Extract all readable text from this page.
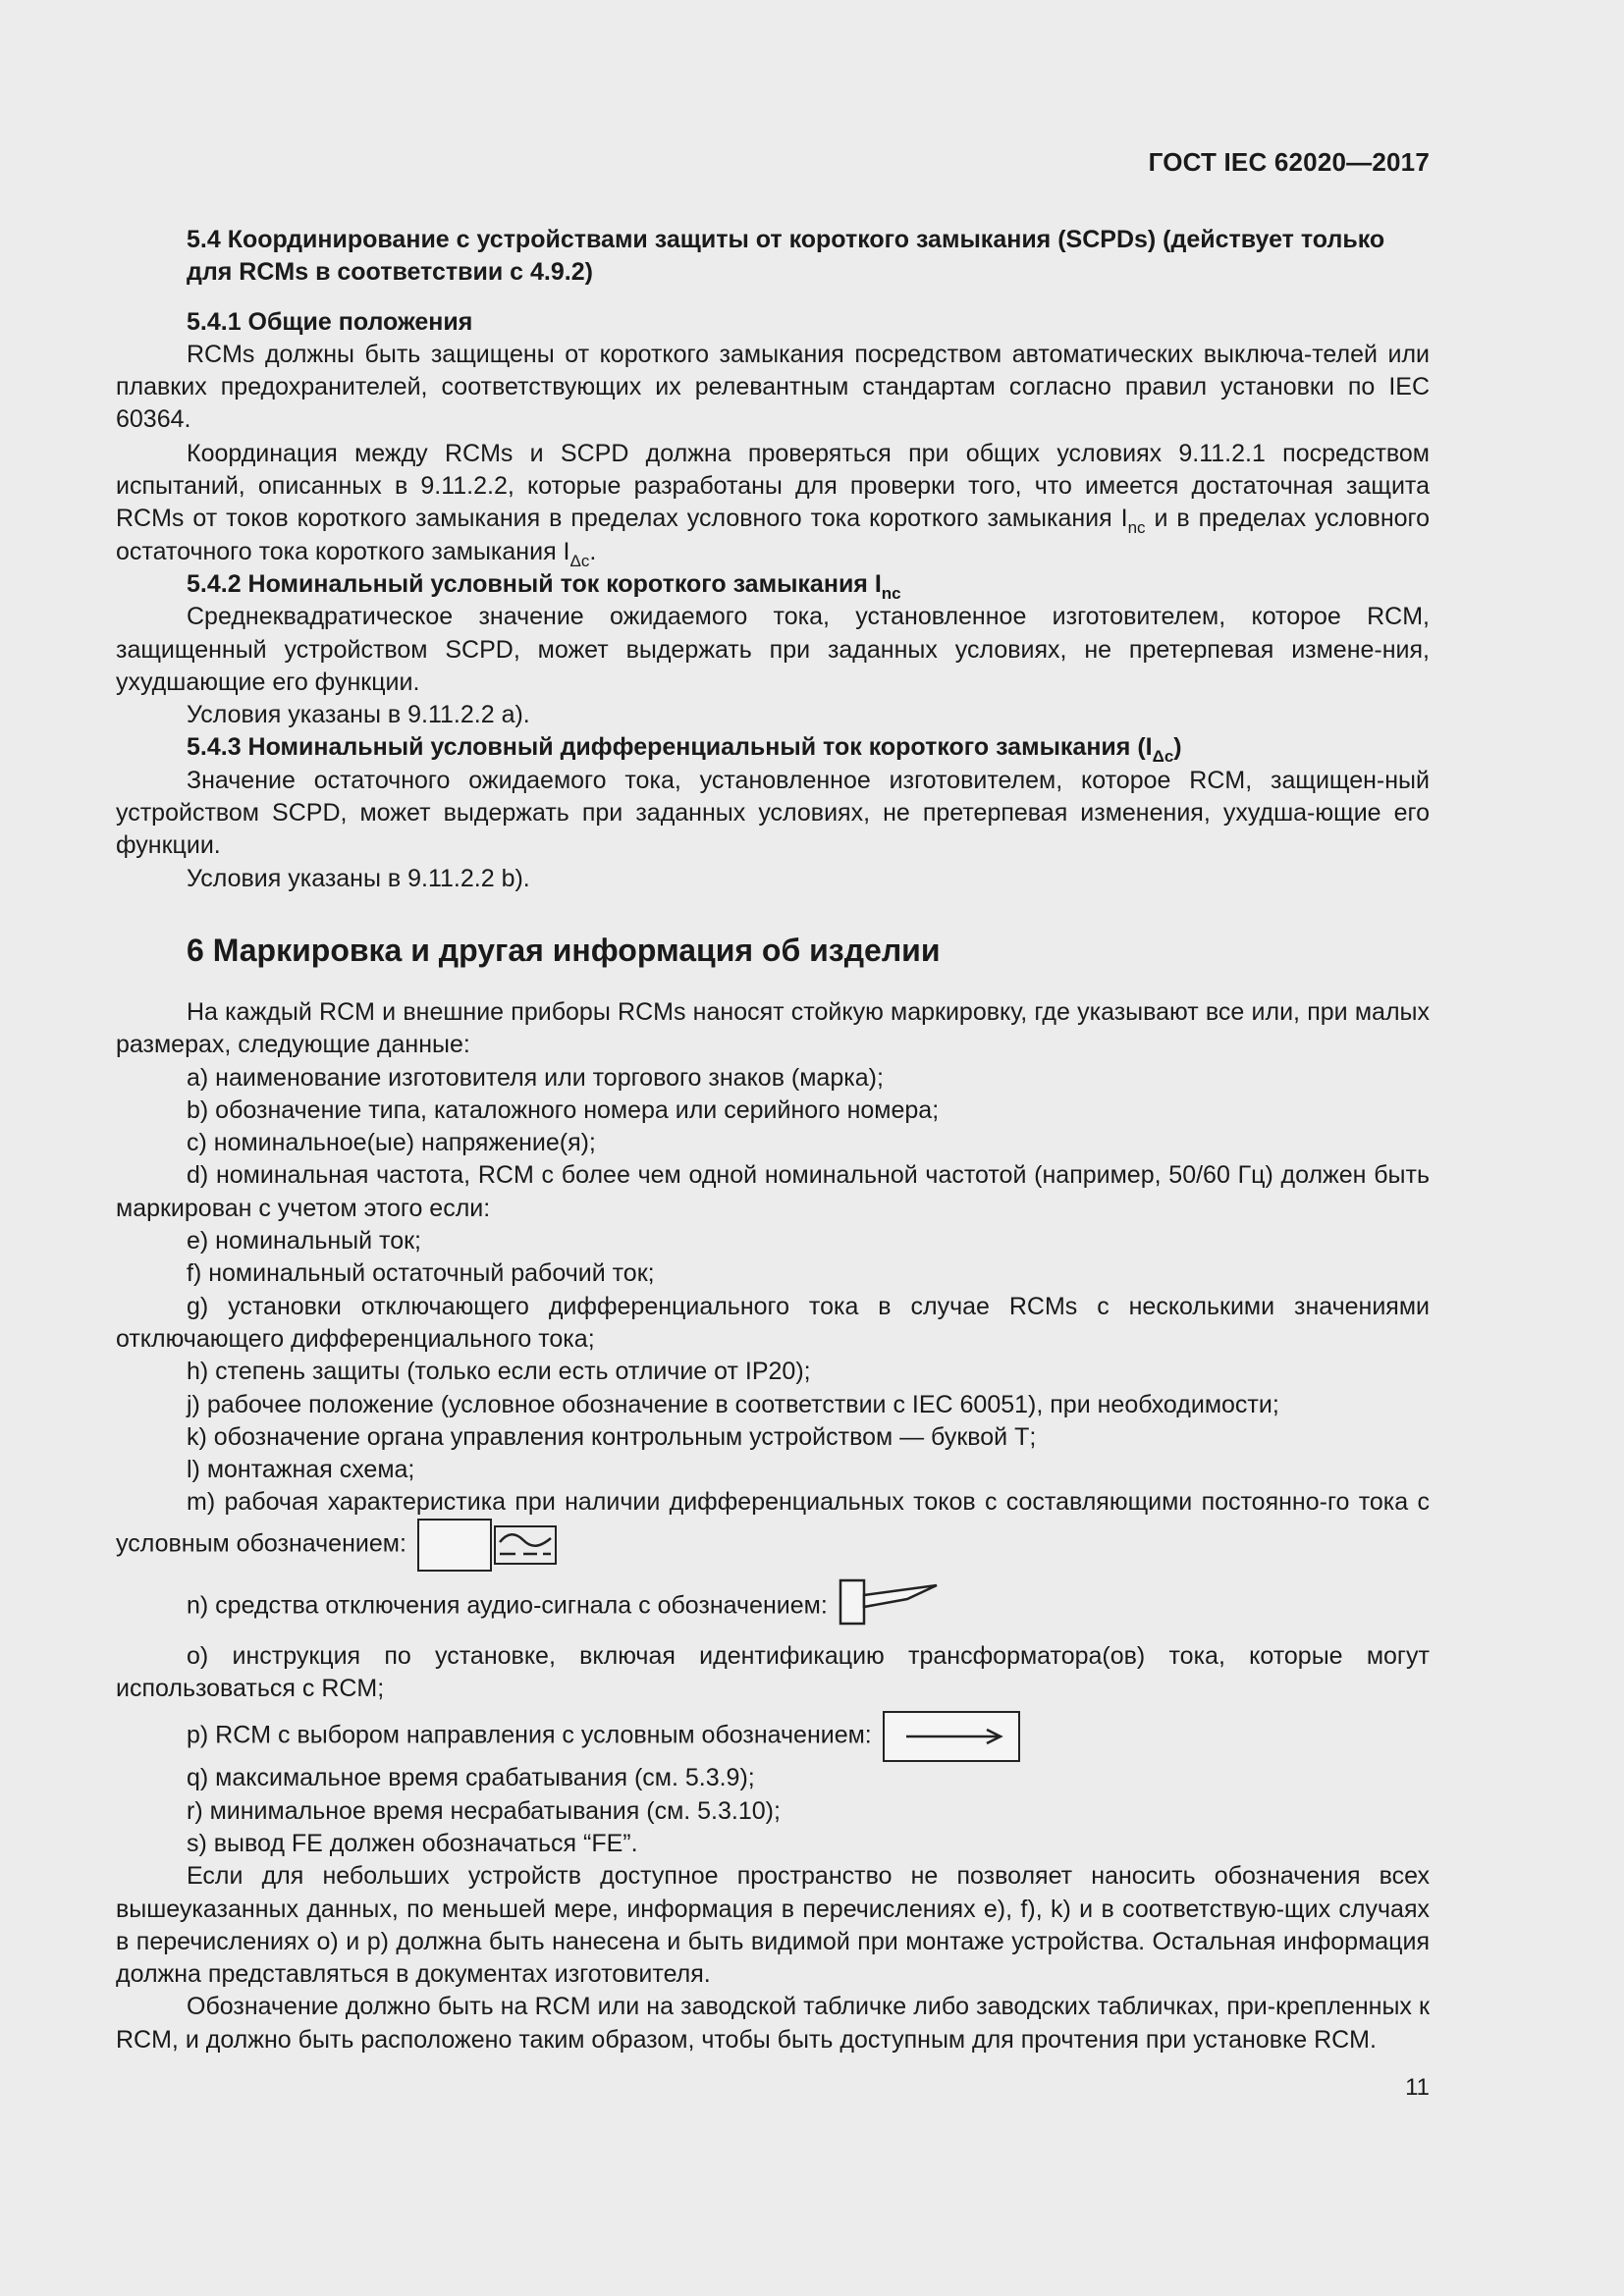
ГОСТ IEC 62020—2017

5.4 Координирование с устройствами защиты от короткого замыкания (SCPDs) (действует только для RCMs в соответствии с 4.9.2)

5.4.1 Общие положения

RCMs должны быть защищены от короткого замыкания посредством автоматических выключа-телей или плавких предохранителей, соответствующих их релевантным стандартам согласно правил установки по IEC 60364.

Координация между RCMs и SCPD должна проверяться при общих условиях 9.11.2.1 посредством испытаний, описанных в 9.11.2.2, которые разработаны для проверки того, что имеется достаточная защита RCMs от токов короткого замыкания в пределах условного тока короткого замыкания $I_{nc}$ и в пределах условного остаточного тока короткого замыкания $I_{\Delta c}$.

5.4.2 Номинальный условный ток короткого замыкания $I_{nc}$

Среднеквадратическое значение ожидаемого тока, установленное изготовителем, которое RCM, защищенный устройством SCPD, может выдержать при заданных условиях, не претерпевая измене-ния, ухудшающие его функции.

Условия указаны в 9.11.2.2 а).

5.4.3 Номинальный условный дифференциальный ток короткого замыкания $(I_{\Delta c})$

Значение остаточного ожидаемого тока, установленное изготовителем, которое RCM, защищен-ный устройством SCPD, может выдержать при заданных условиях, не претерпевая изменения, ухудша-ющие его функции.

Условия указаны в 9.11.2.2 b).

6 Маркировка и другая информация об изделии

На каждый RCM и внешние приборы RCMs наносят стойкую маркировку, где указывают все или, при малых размерах, следующие данные:

a) наименование изготовителя или торгового знаков (марка);

b) обозначение типа, каталожного номера или серийного номера;

c) номинальное(ые) напряжение(я);

d) номинальная частота, RCM с более чем одной номинальной частотой (например, 50/60 Гц) должен быть маркирован с учетом этого если:

e) номинальный ток;

f) номинальный остаточный рабочий ток;

g) установки отключающего дифференциального тока в случае RCMs с несколькими значениями отключающего дифференциального тока;

h) степень защиты (только если есть отличие от IP20);

j) рабочее положение (условное обозначение в соответствии с IEC 60051), при необходимости;

k) обозначение органа управления контрольным устройством — буквой Т;

l) монтажная схема;

m) рабочая характеристика при наличии дифференциальных токов с составляющими постоянно-го тока с условным обозначением:

n) средства отключения аудио-сигнала с обозначением:

o) инструкция по установке, включая идентификацию трансформатора(ов) тока, которые могут использоваться с RCM;

p) RCM с выбором направления с условным обозначением:

q) максимальное время срабатывания (см. 5.3.9);

r) минимальное время несрабатывания (см. 5.3.10);

s) вывод FE должен обозначаться “FE”.

Если для небольших устройств доступное пространство не позволяет наносить обозначения всех вышеуказанных данных, по меньшей мере, информация в перечислениях e), f), k) и в соответствую-щих случаях в перечислениях o) и p) должна быть нанесена и быть видимой при монтаже устройства. Остальная информация должна представляться в документах изготовителя.

Обозначение должно быть на RCM или на заводской табличке либо заводских табличках, при-крепленных к RCM, и должно быть расположено таким образом, чтобы быть доступным для прочтения при установке RCM.

11
